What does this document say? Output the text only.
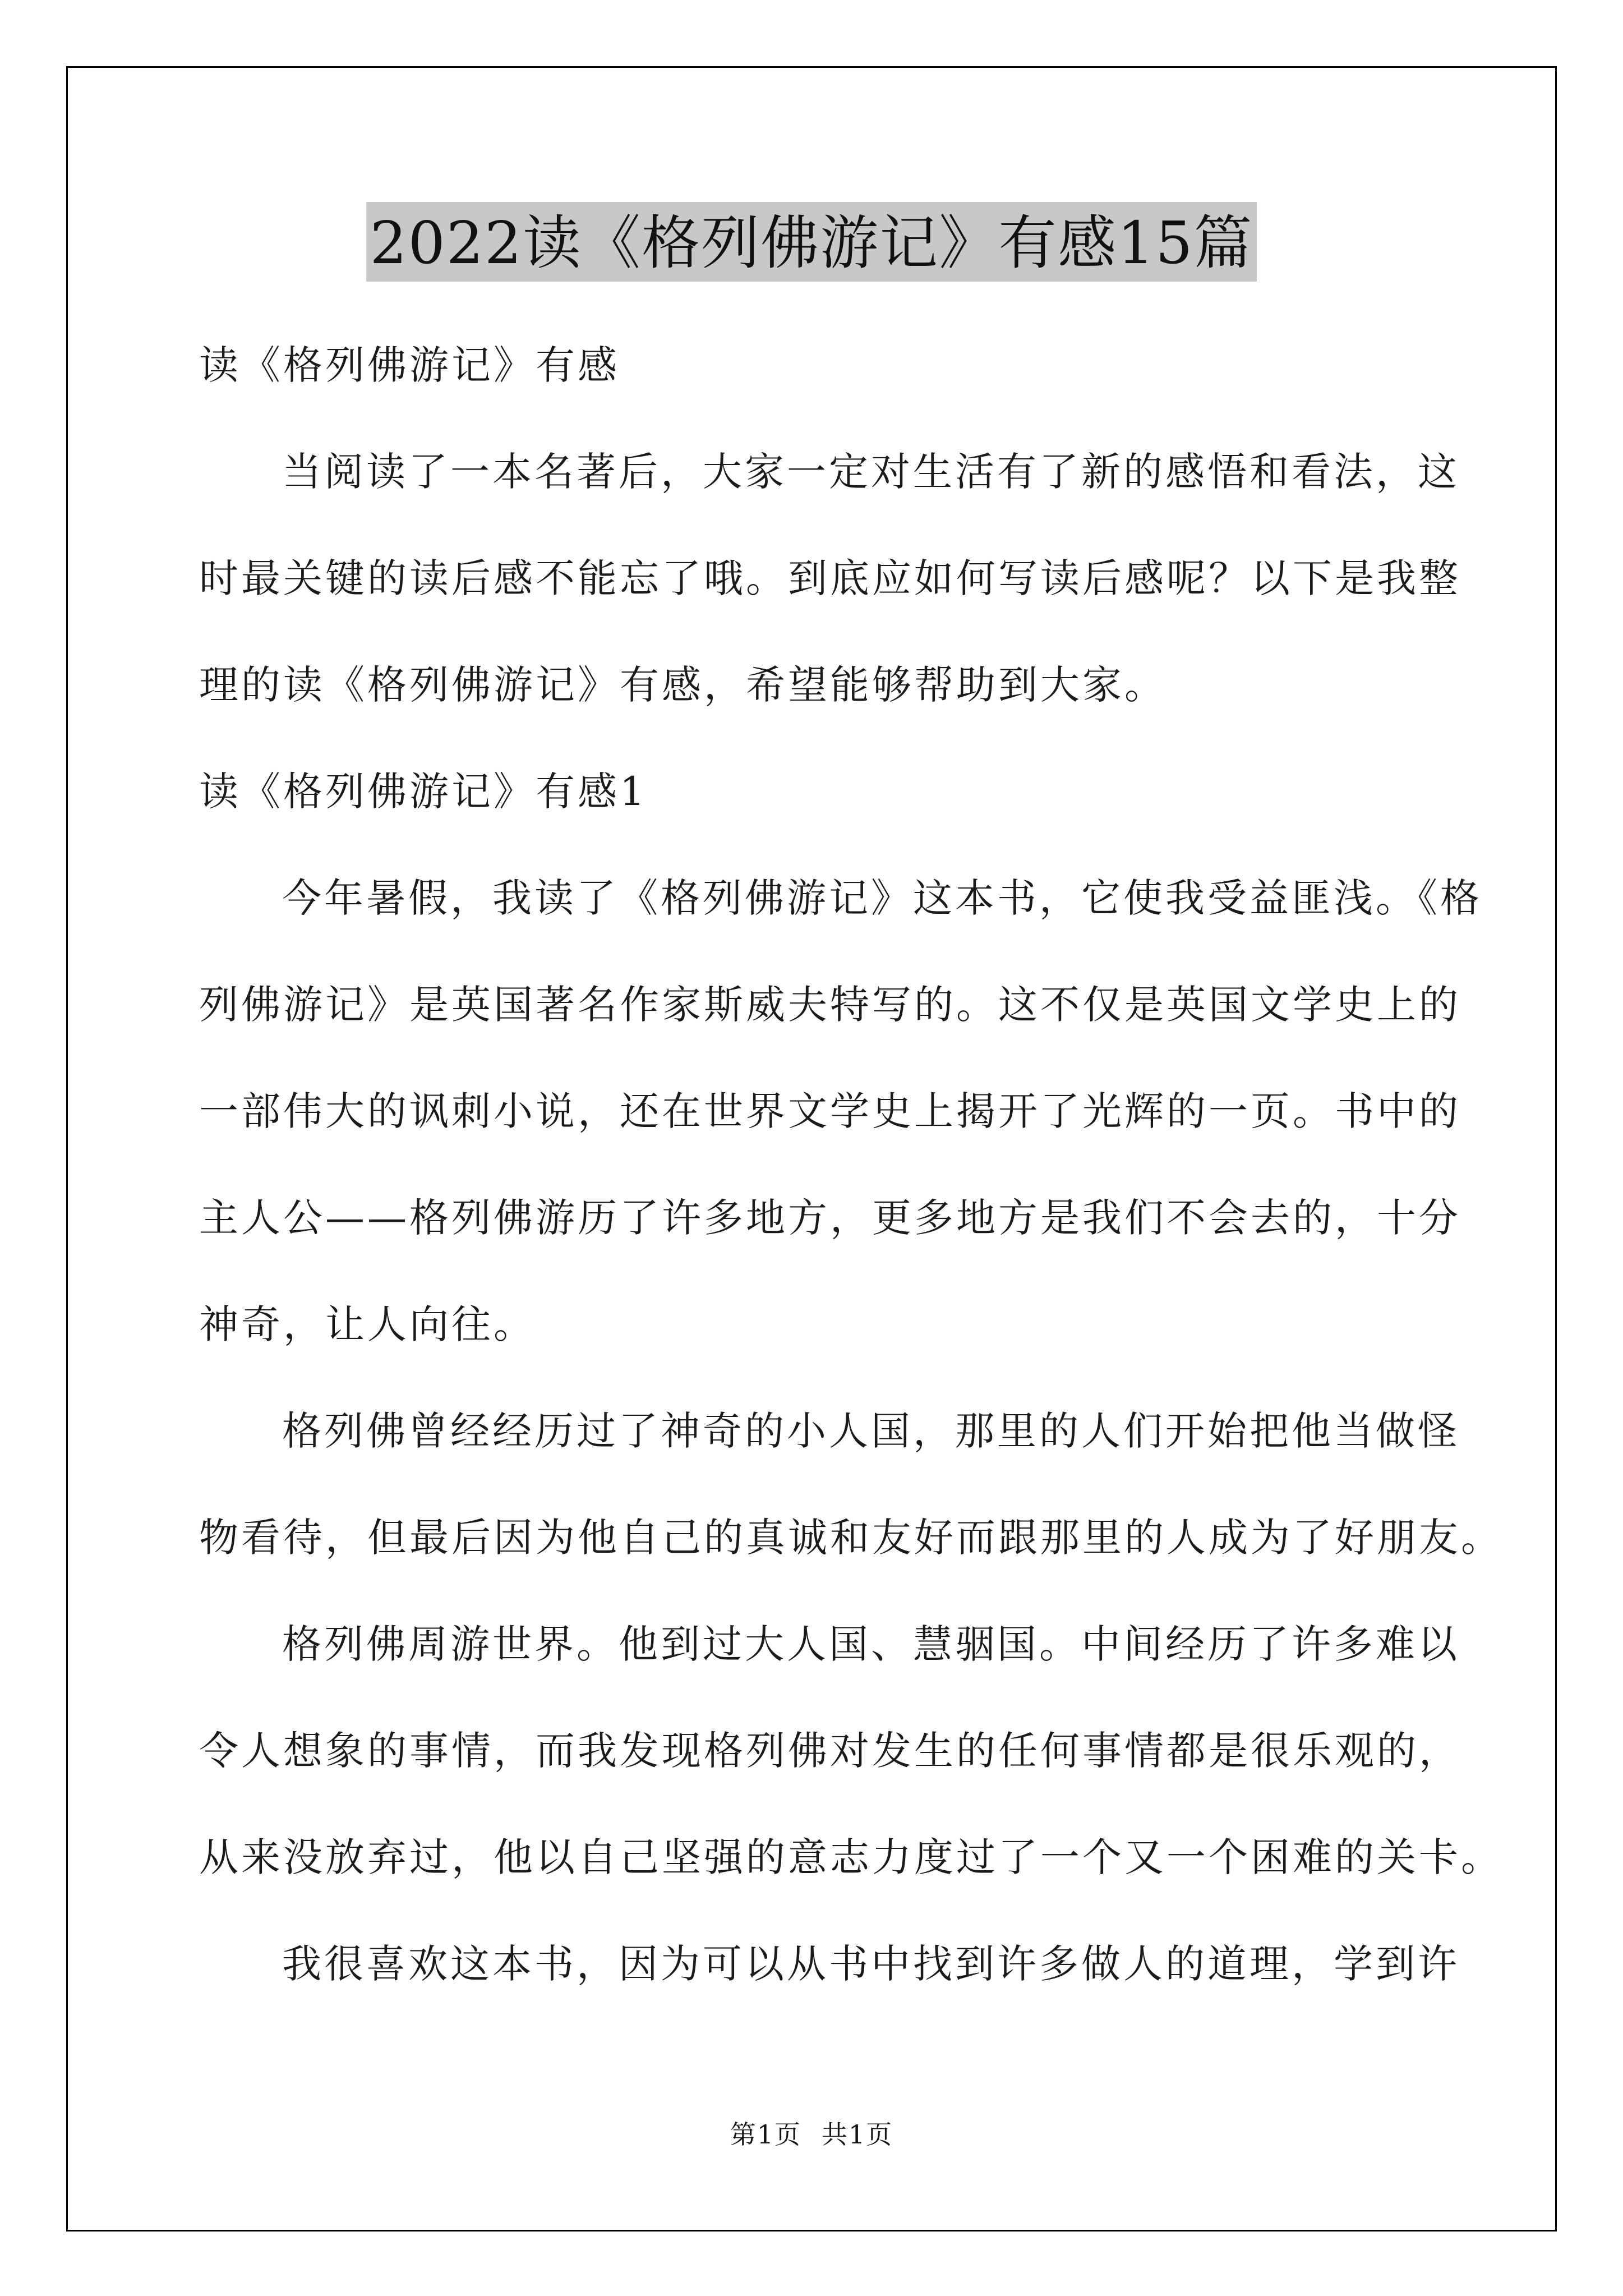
2022读《格列佛游记》有感15篇
读《格列佛游记》有感
当阅读了一本名著后，大家一定对生活有了新的感悟和看法，这
时最关键的读后感不能忘了哦。到底应如何写读后感呢？以下是我整
理的读《格列佛游记》有感，希望能够帮助到大家。
读《格列佛游记》有感1
今年暑假，我读了《格列佛游记》这本书，它使我受益匪浅。《格
列佛游记》是英国著名作家斯威夫特写的。这不仅是英国文学史上的
一部伟大的讽刺小说，还在世界文学史上揭开了光辉的一页。书中的
主人公——格列佛游历了许多地方，更多地方是我们不会去的，十分
神奇，让人向往。
格列佛曾经经历过了神奇的小人国，那里的人们开始把他当做怪
物看待，但最后因为他自己的真诚和友好而跟那里的人成为了好朋友。
格列佛周游世界。他到过大人国、慧骃国。中间经历了许多难以
令人想象的事情，而我发现格列佛对发生的任何事情都是很乐观的，
从来没放弃过，他以自己坚强的意志力度过了一个又一个困难的关卡。
我很喜欢这本书，因为可以从书中找到许多做人的道理，学到许
第1页 共1页
